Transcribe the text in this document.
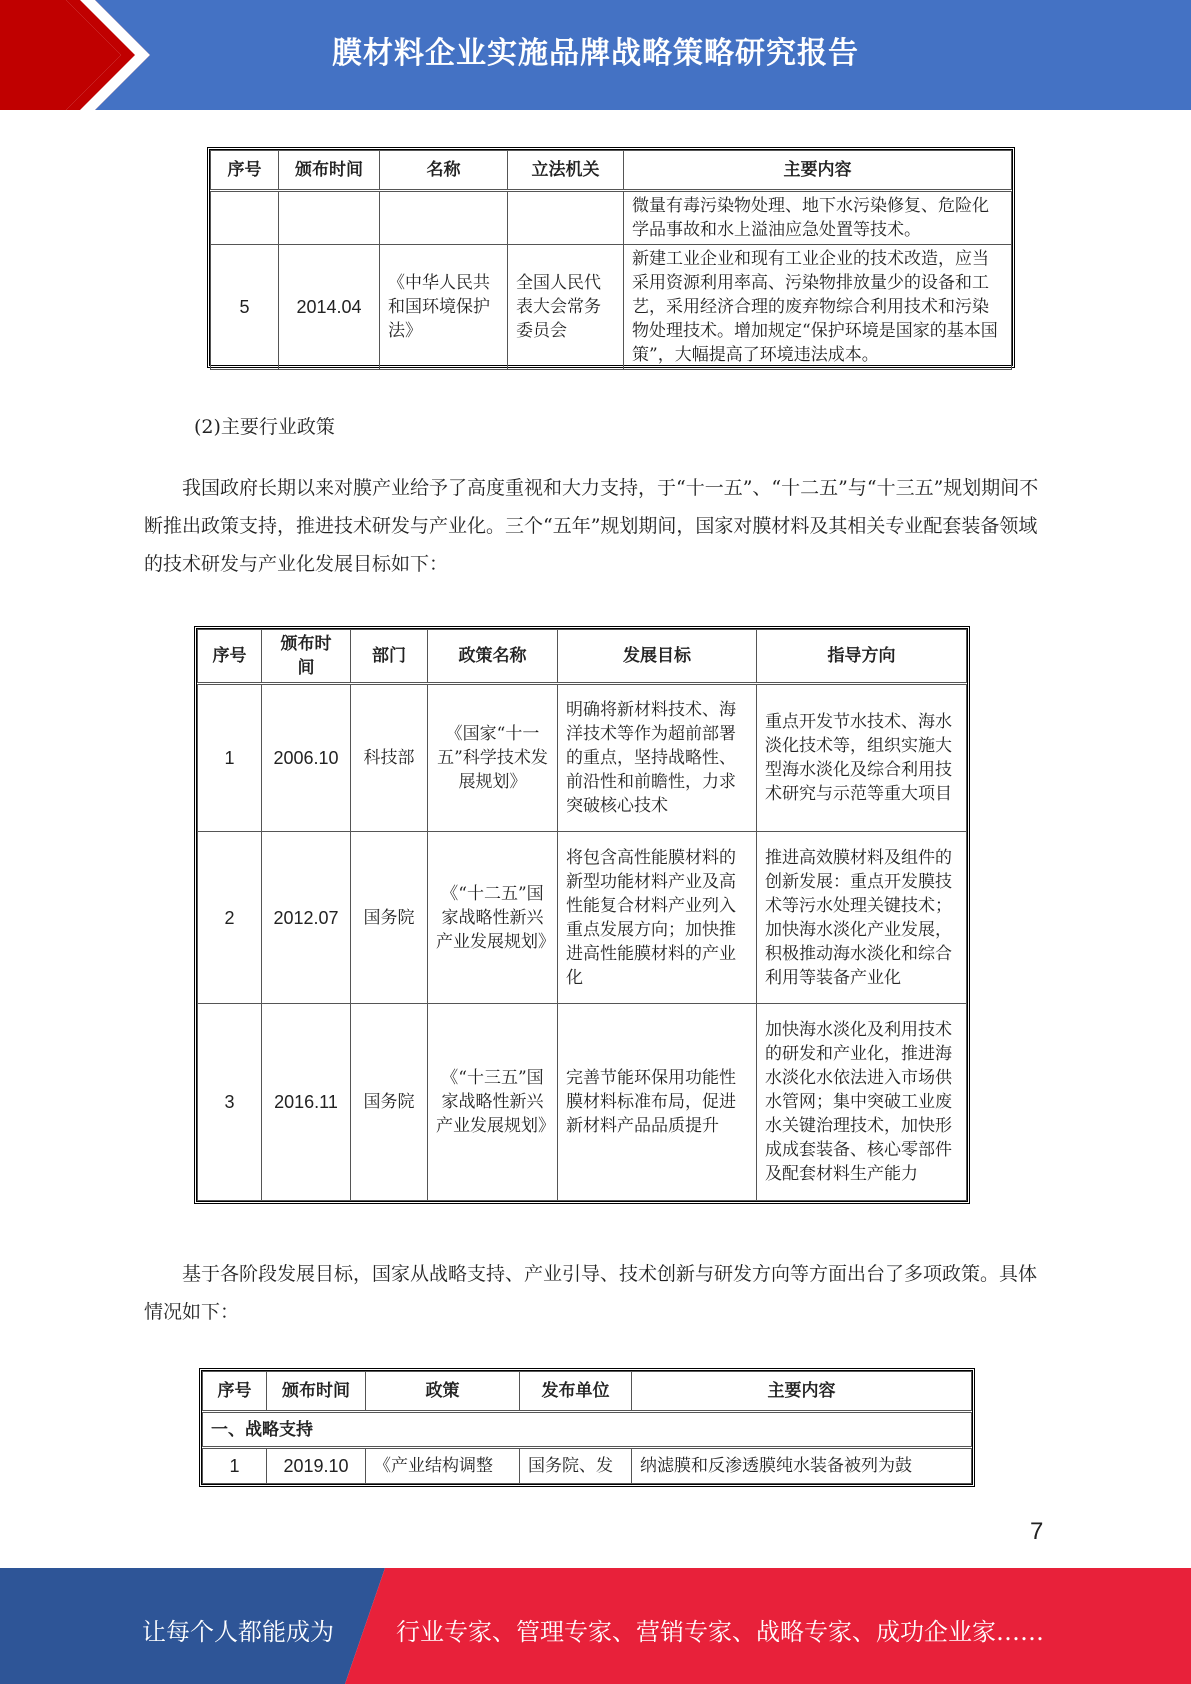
膜材料企业实施品牌战略策略研究报告
序号	颁布时间	名称	立法机关	主要内容
				微量有毒污染物处理、地下水污染修复、危险化学品事故和水上溢油应急处置等技术。
5	2014.04	《中华人民共和国环境保护法》	全国人民代表大会常务委员会	新建工业企业和现有工业企业的技术改造，应当采用资源利用率高、污染物排放量少的设备和工艺，采用经济合理的废弃物综合利用技术和污染物处理技术。增加规定“保护环境是国家的基本国策”，大幅提高了环境违法成本。
(2)主要行业政策
我国政府长期以来对膜产业给予了高度重视和大力支持，于“十一五”、“十二五”与“十三五”规划期间不断推出政策支持，推进技术研发与产业化。三个“五年”规划期间，国家对膜材料及其相关专业配套装备领域的技术研发与产业化发展目标如下：
序号	颁布时间	部门	政策名称	发展目标	指导方向
1	2006.10	科技部	《国家“十一五”科学技术发展规划》	明确将新材料技术、海洋技术等作为超前部署的重点，坚持战略性、前沿性和前瞻性，力求突破核心技术	重点开发节水技术、海水淡化技术等，组织实施大型海水淡化及综合利用技术研究与示范等重大项目
2	2012.07	国务院	《“十二五”国家战略性新兴产业发展规划》	将包含高性能膜材料的新型功能材料产业及高性能复合材料产业列入重点发展方向；加快推进高性能膜材料的产业化	推进高效膜材料及组件的创新发展：重点开发膜技术等污水处理关键技术；加快海水淡化产业发展，积极推动海水淡化和综合利用等装备产业化
3	2016.11	国务院	《“十三五”国家战略性新兴产业发展规划》	完善节能环保用功能性膜材料标准布局，促进新材料产品品质提升	加快海水淡化及利用技术的研发和产业化，推进海水淡化水依法进入市场供水管网；集中突破工业废水关键治理技术，加快形成成套装备、核心零部件及配套材料生产能力
基于各阶段发展目标，国家从战略支持、产业引导、技术创新与研发方向等方面出台了多项政策。具体情况如下：
序号	颁布时间	政策	发布单位	主要内容
一、战略支持				
1	2019.10	《产业结构调整	国务院、发	纳滤膜和反渗透膜纯水装备被列为鼓
7
让每个人都能成为	行业专家、管理专家、营销专家、战略专家、成功企业家……
